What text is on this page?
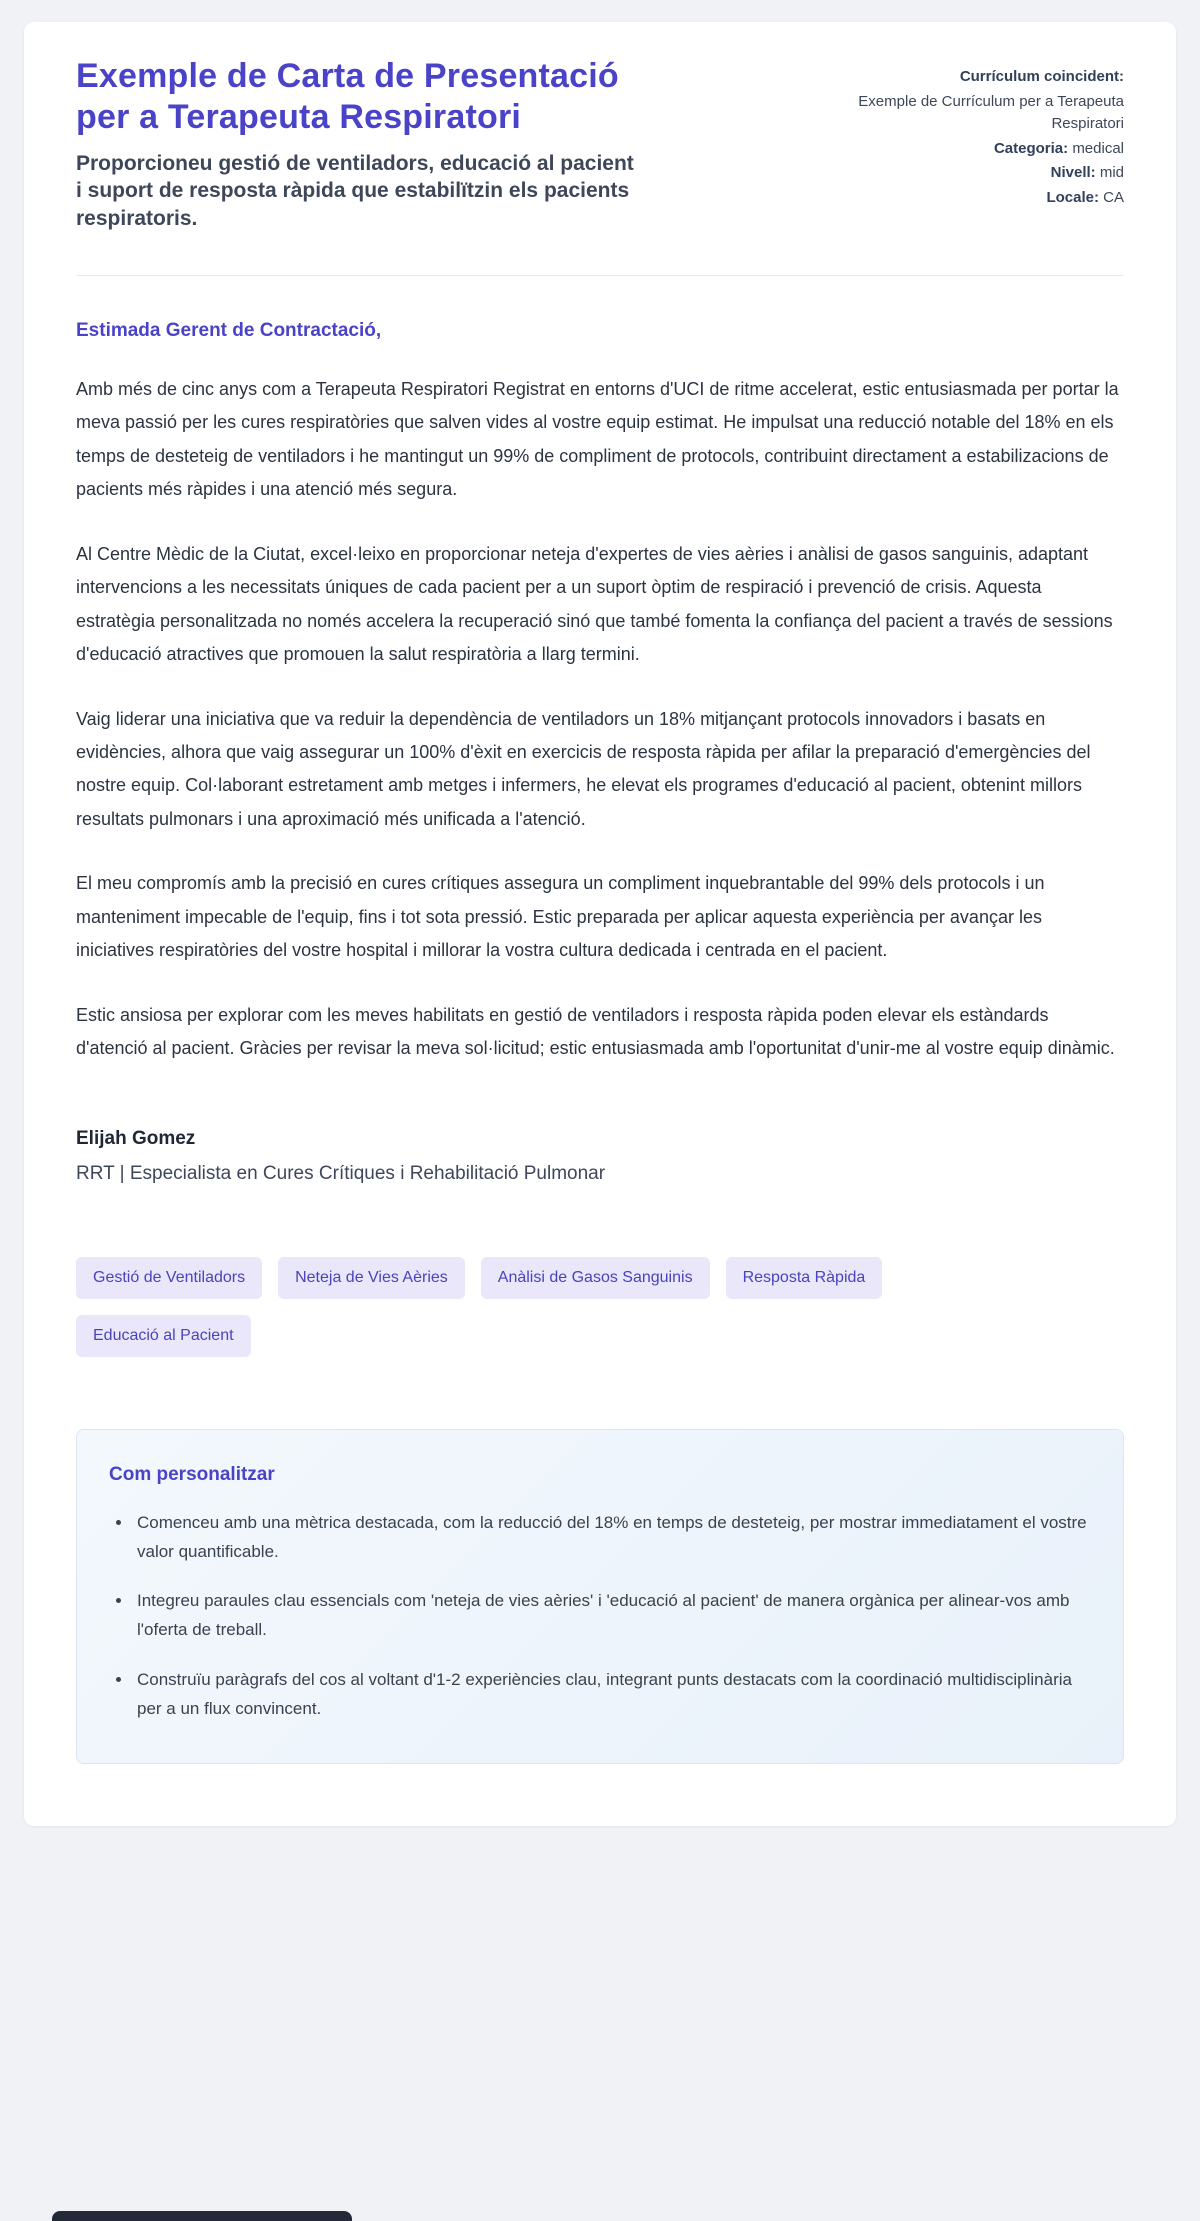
Exemple de Carta de Presentació per a Terapeuta Respiratori

Proporcioneu gestió de ventiladors, educació al pacient i suport de resposta ràpida que estabilïtzin els pacients respiratoris.

Currículum coincident:
Exemple de Currículum per a Terapeuta Respiratori
Categoria: medical
Nivell: mid
Locale: CA

Estimada Gerent de Contractació,

Amb més de cinc anys com a Terapeuta Respiratori Registrat en entorns d'UCI de ritme accelerat, estic entusiasmada per portar la meva passió per les cures respiratòries que salven vides al vostre equip estimat. He impulsat una reducció notable del 18% en els temps de desteteig de ventiladors i he mantingut un 99% de compliment de protocols, contribuint directament a estabilizacions de pacients més ràpides i una atenció més segura.

Al Centre Mèdic de la Ciutat, excel·leixo en proporcionar neteja d'expertes de vies aèries i anàlisi de gasos sanguinis, adaptant intervencions a les necessitats úniques de cada pacient per a un suport òptim de respiració i prevenció de crisis. Aquesta estratègia personalitzada no només accelera la recuperació sinó que també fomenta la confiança del pacient a través de sessions d'educació atractives que promouen la salut respiratòria a llarg termini.

Vaig liderar una iniciativa que va reduir la dependència de ventiladors un 18% mitjançant protocols innovadors i basats en evidències, alhora que vaig assegurar un 100% d'èxit en exercicis de resposta ràpida per afilar la preparació d'emergències del nostre equip. Col·laborant estretament amb metges i infermers, he elevat els programes d'educació al pacient, obtenint millors resultats pulmonars i una aproximació més unificada a l'atenció.

El meu compromís amb la precisió en cures crítiques assegura un compliment inquebrantable del 99% dels protocols i un manteniment impecable de l'equip, fins i tot sota pressió. Estic preparada per aplicar aquesta experiència per avançar les iniciatives respiratòries del vostre hospital i millorar la vostra cultura dedicada i centrada en el pacient.

Estic ansiosa per explorar com les meves habilitats en gestió de ventiladors i resposta ràpida poden elevar els estàndards d'atenció al pacient. Gràcies per revisar la meva sol·licitud; estic entusiasmada amb l'oportunitat d'unir-me al vostre equip dinàmic.

Elijah Gomez

RRT | Especialista en Cures Crítiques i Rehabilitació Pulmonar

Gestió de Ventiladors	Neteja de Vies Aèries	Anàlisi de Gasos Sanguinis	Resposta Ràpida
Educació al Pacient
Com personalitzar
• Comenceu amb una mètrica destacada, com la reducció del 18% en temps de desteteig, per mostrar immediatament el vostre valor quantificable.
• Integreu paraules clau essencials com 'neteja de vies aèries' i 'educació al pacient' de manera orgànica per alinear-vos amb l'oferta de treball.
• Construïu paràgrafs del cos al voltant d'1-2 experiències clau, integrant punts destacats com la coordinació multidisciplinària per a un flux convincent.
